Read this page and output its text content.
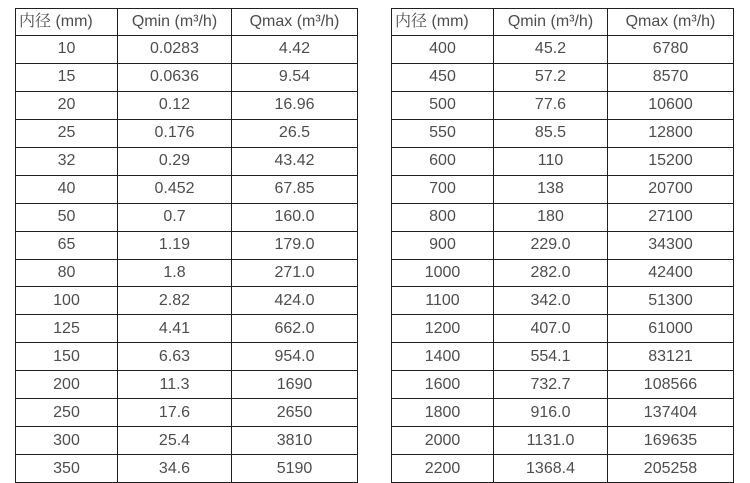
内径 (mm)	Qmin (m³/h)	Qmax (m³/h)
10	0.0283	4.42
15	0.0636	9.54
20	0.12	16.96
25	0.176	26.5
32	0.29	43.42
40	0.452	67.85
50	0.7	160.0
65	1.19	179.0
80	1.8	271.0
100	2.82	424.0
125	4.41	662.0
150	6.63	954.0
200	11.3	1690
250	17.6	2650
300	25.4	3810
350	34.6	5190
内径 (mm)	Qmin (m³/h)	Qmax (m³/h)
400	45.2	6780
450	57.2	8570
500	77.6	10600
550	85.5	12800
600	110	15200
700	138	20700
800	180	27100
900	229.0	34300
1000	282.0	42400
1100	342.0	51300
1200	407.0	61000
1400	554.1	83121
1600	732.7	108566
1800	916.0	137404
2000	1131.0	169635
2200	1368.4	205258
